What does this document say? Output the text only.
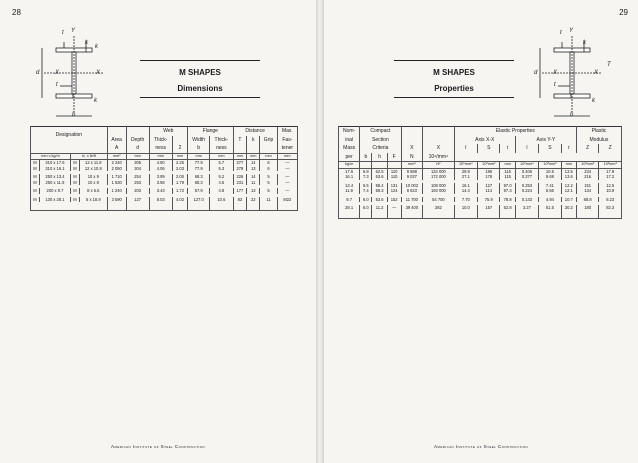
28
t Y
k
k
d	X	X
t
Y
k
b
M SHAPES
Dimensions
Designation						Web		Flange		Distance			Max.
				Area	Depth	Thick-		Width	Thick-	T	k	Grip	Fas-
				A	d	ness	2	b	ness				tener
mm x kg/m		in. x lb/ft		mm²	mm	mm	mm	mm	mm	mm	mm	mm	mm
M	310 x 17.6	M	12 x 11.8	2 240	305	4.50	2.25	77.9	5.7	277	14	6	—
M	310 x 16.1	M	12 x 10.8	2 050	304	4.06	2.03	77.9	5.3	279	13	6	—

M	250 x 13.4	M	10 x 9	1 710	254	3.99	2.00	68.3	5.2	226	14	5	—
M	250 x 11.9	M	10 x 8	1 530	253	3.58	1.79	68.3	4.6	231	11	5	—

M	200 x 9.7	M	8 x 6.5	1 240	203	3.43	1.72	57.9	4.8	177	13	5	—

M	130 x 28.1	M	5 x 18.9	3 590	127	8.03	4.02	127.0	10.6	83	22	11	M22

American Institute of Steel Construction
29
M SHAPES
Properties
t Y
k
d	X	X
T
t
Y
k
b
Nom-	Compact					Elastic Properties						Plastic	
inal	Section					Axis X-X			Axis Y-Y			Modulus	
Mass	Criteria			X	X	I	S	r	I	S	r	Z	Z
per	b	h	F	N	10⁶/mm⁴								
kg/m				mm²	N²	10⁶mm⁴	10³mm³	mm	10⁶mm⁴	10³mm³	mm	10³mm³	10³mm³
17.6	6.8	62.5	110	9 588	134 000	29.9	196	116	0.406	10.5	13.5	234	17.9
16.1	7.3	63.6	110	9 037	172 000	27.1	178	115	0.377	9.68	13.6	216	17.2

13.4	6.5	58.4	131	10 002	108 000	16.1	127	97.0	0.253	7.41	12.2	151	12.5
11.9	7.4	59.3	124	8 623	193 000	14.4	114	97.3	0.224	6.56	12.1	134	10.9

9.7	6.0	53.6	152	11 700	54 700	7.70	75.9	78.8	0.143	4.94	10.7	88.8	8.23

28.1	6.0	11.2	—	39 400	282	10.0	157	52.8	3.27	51.5	30.2	180	82.3

American Institute of Steel Construction
